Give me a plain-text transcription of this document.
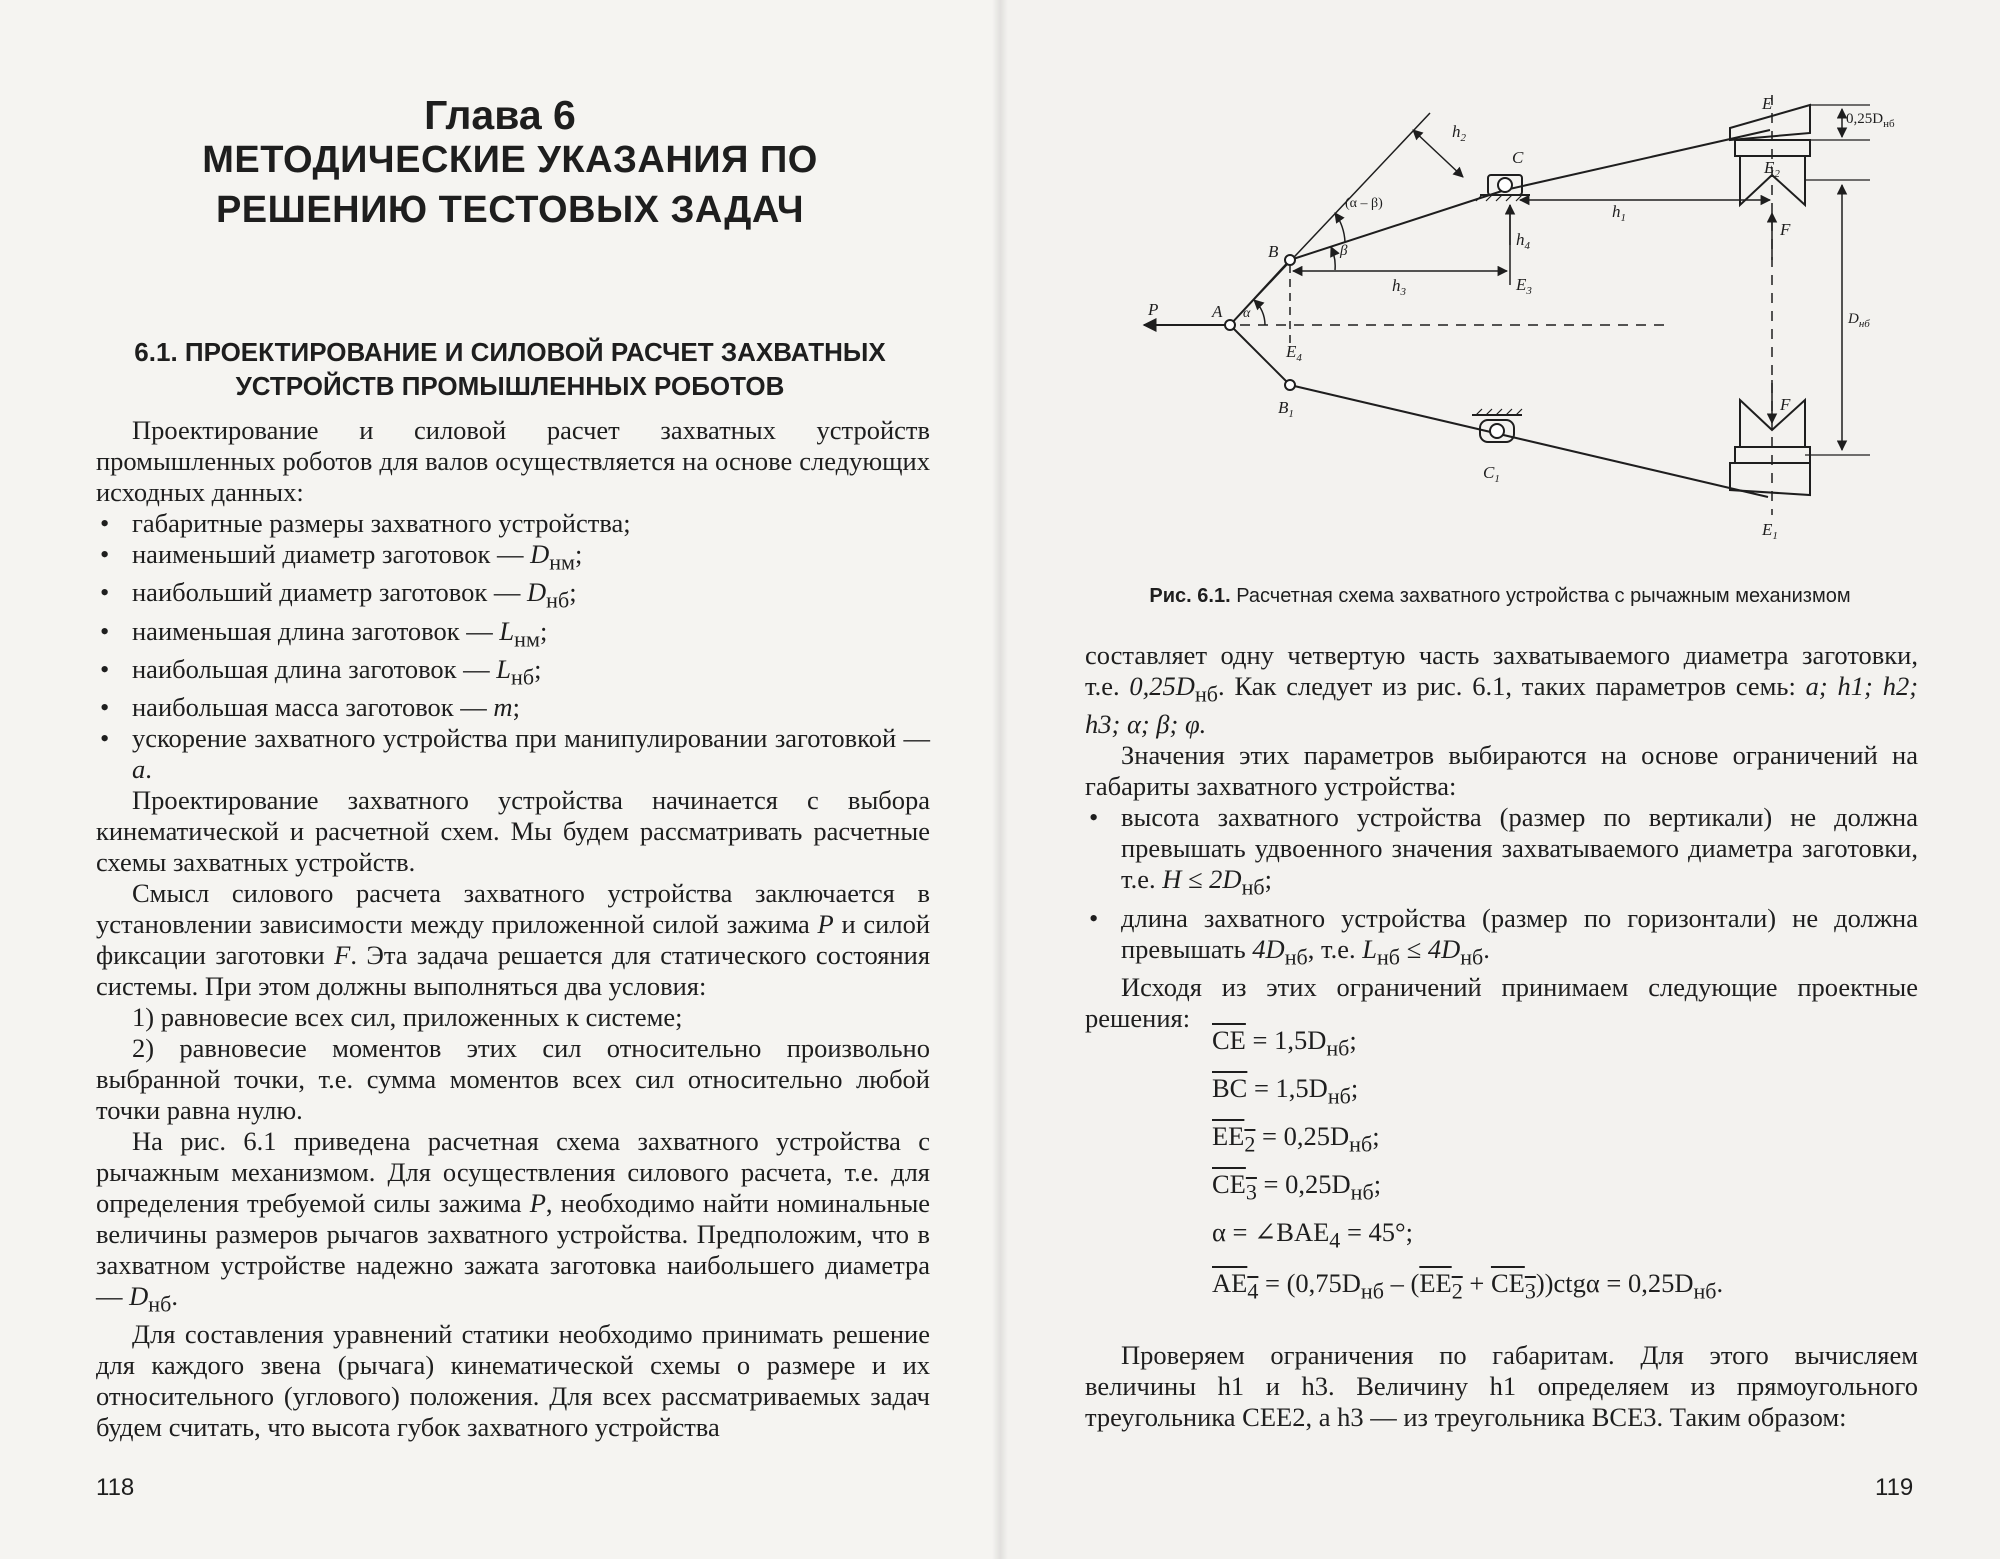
Глава 6
МЕТОДИЧЕСКИЕ УКАЗАНИЯ ПО РЕШЕНИЮ ТЕСТОВЫХ ЗАДАЧ
6.1. ПРОЕКТИРОВАНИЕ И СИЛОВОЙ РАСЧЕТ ЗАХВАТНЫХ УСТРОЙСТВ ПРОМЫШЛЕННЫХ РОБОТОВ

Проектирование и силовой расчет захватных устройств промышленных роботов для валов осуществляется на основе следующих исходных данных:

• габаритные размеры захватного устройства;

• наименьший диаметр заготовок — $D_{нм}$;

• наибольший диаметр заготовок — $D_{нб}$;

• наименьшая длина заготовок — $L_{нм}$;

• наибольшая длина заготовок — $L_{нб}$;

• наибольшая масса заготовок — m;

• ускорение захватного устройства при манипулировании заготовкой — a.

Проектирование захватного устройства начинается с выбора кинематической и расчетной схем. Мы будем рассматривать расчетные схемы захватных устройств.

Смысл силового расчета захватного устройства заключается в установлении зависимости между приложенной силой зажима P и силой фиксации заготовки F. Эта задача решается для статического состояния системы. При этом должны выполняться два условия:

1) равновесие всех сил, приложенных к системе;

2) равновесие моментов этих сил относительно произвольно выбранной точки, т.е. сумма моментов всех сил относительно любой точки равна нулю.

На рис. 6.1 приведена расчетная схема захватного устройства с рычажным механизмом. Для осуществления силового расчета, т.е. для определения требуемой силы зажима P, необходимо найти номинальные величины размеров рычагов захватного устройства. Предположим, что в захватном устройстве надежно зажата заготовка наибольшего диаметра — $D_{нб}$.

Для составления уравнений статики необходимо принимать решение для каждого звена (рычага) кинематической схемы о размере и их относительного (углового) положения. Для всех рассматриваемых задач будем считать, что высота губок захватного устройства

118
P	A α
B
$B_1$
C
$C_1$
E
$E_1$
$E_2$
$E_3$
$E_4$
$h_1$
$h_2$
$h_3$
$h_4$
(α – β)
β
F
F
$0,25D_{нб}$
$D_{нб}$
Рис. 6.1. Расчетная схема захватного устройства с рычажным механизмом

составляет одну четвертую часть захватываемого диаметра заготовки, т.е. $0,25D_{нб}$. Как следует из рис. 6.1, таких параметров семь: a; h1; h2; h3; α; β; φ.

Значения этих параметров выбираются на основе ограничений на габариты захватного устройства:

• высота захватного устройства (размер по вертикали) не должна превышать удвоенного значения захватываемого диаметра заготовки, т.е. $H \le 2D_{нб}$;

• длина захватного устройства (размер по горизонтали) не должна превышать $4D_{нб}$, т.е. $L_{нб} \le 4D_{нб}$.

Исходя из этих ограничений принимаем следующие проектные решения:

$\overline{CE} = 1,5D_{нб}$;
$\overline{BC} = 1,5D_{нб}$;
$EE_2 = 0,25D_{нб}$;
$CE_3 = 0,25D_{нб}$;
$\alpha = \angle BAE_4 = 45^\circ$;
$AE_4 = (0,75D_{нб} - (EE_2 + CE_3))ctg\alpha = 0,25D_{нб}$.

Проверяем ограничения по габаритам. Для этого вычисляем величины h1 и h3. Величину h1 определяем из прямоугольного треугольника CEE2, а h3 — из треугольника BCE3. Таким образом:

119
